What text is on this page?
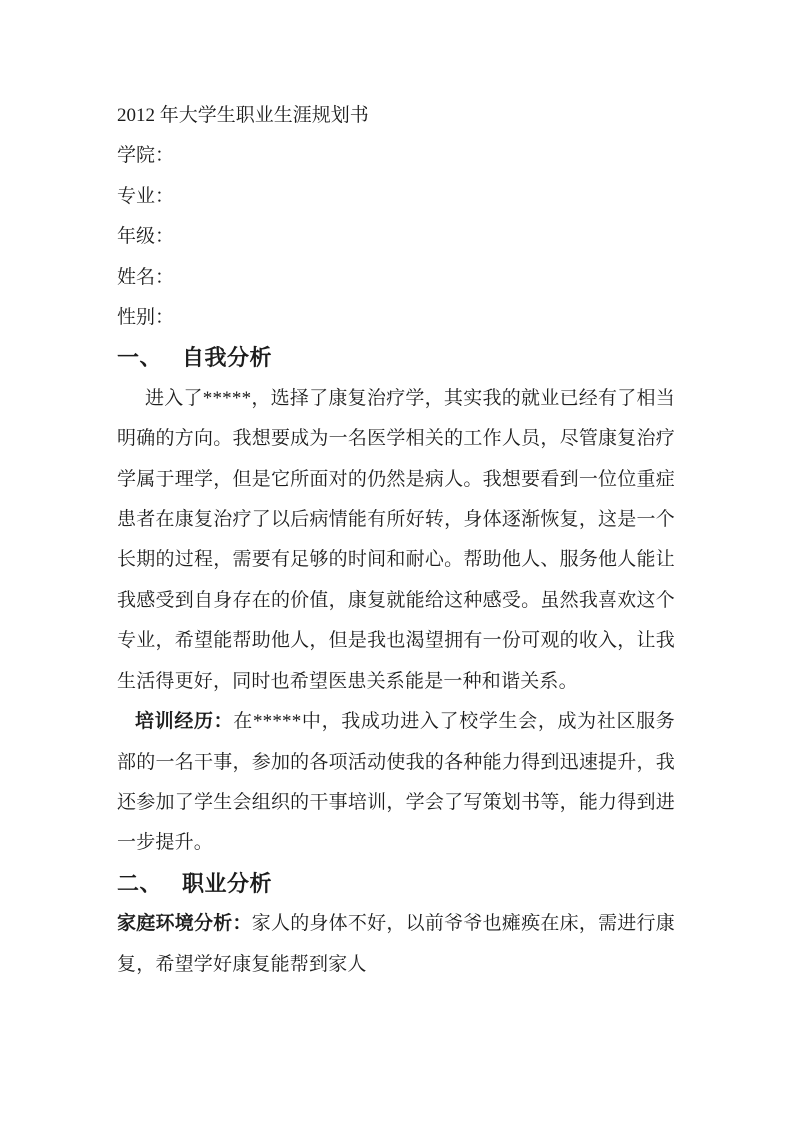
2012 年大学生职业生涯规划书
学院：
专业：
年级：
姓名：
性别：
一、 自我分析

进入了*****，选择了康复治疗学，其实我的就业已经有了相当明确的方向。我想要成为一名医学相关的工作人员，尽管康复治疗学属于理学，但是它所面对的仍然是病人。我想要看到一位位重症患者在康复治疗了以后病情能有所好转，身体逐渐恢复，这是一个长期的过程，需要有足够的时间和耐心。帮助他人、服务他人能让我感受到自身存在的价值，康复就能给这种感受。虽然我喜欢这个专业，希望能帮助他人，但是我也渴望拥有一份可观的收入，让我生活得更好，同时也希望医患关系能是一种和谐关系。

培训经历：在*****中，我成功进入了校学生会，成为社区服务部的一名干事，参加的各项活动使我的各种能力得到迅速提升，我还参加了学生会组织的干事培训，学会了写策划书等，能力得到进一步提升。

二、 职业分析

家庭环境分析：家人的身体不好，以前爷爷也瘫痪在床，需进行康复，希望学好康复能帮到家人
